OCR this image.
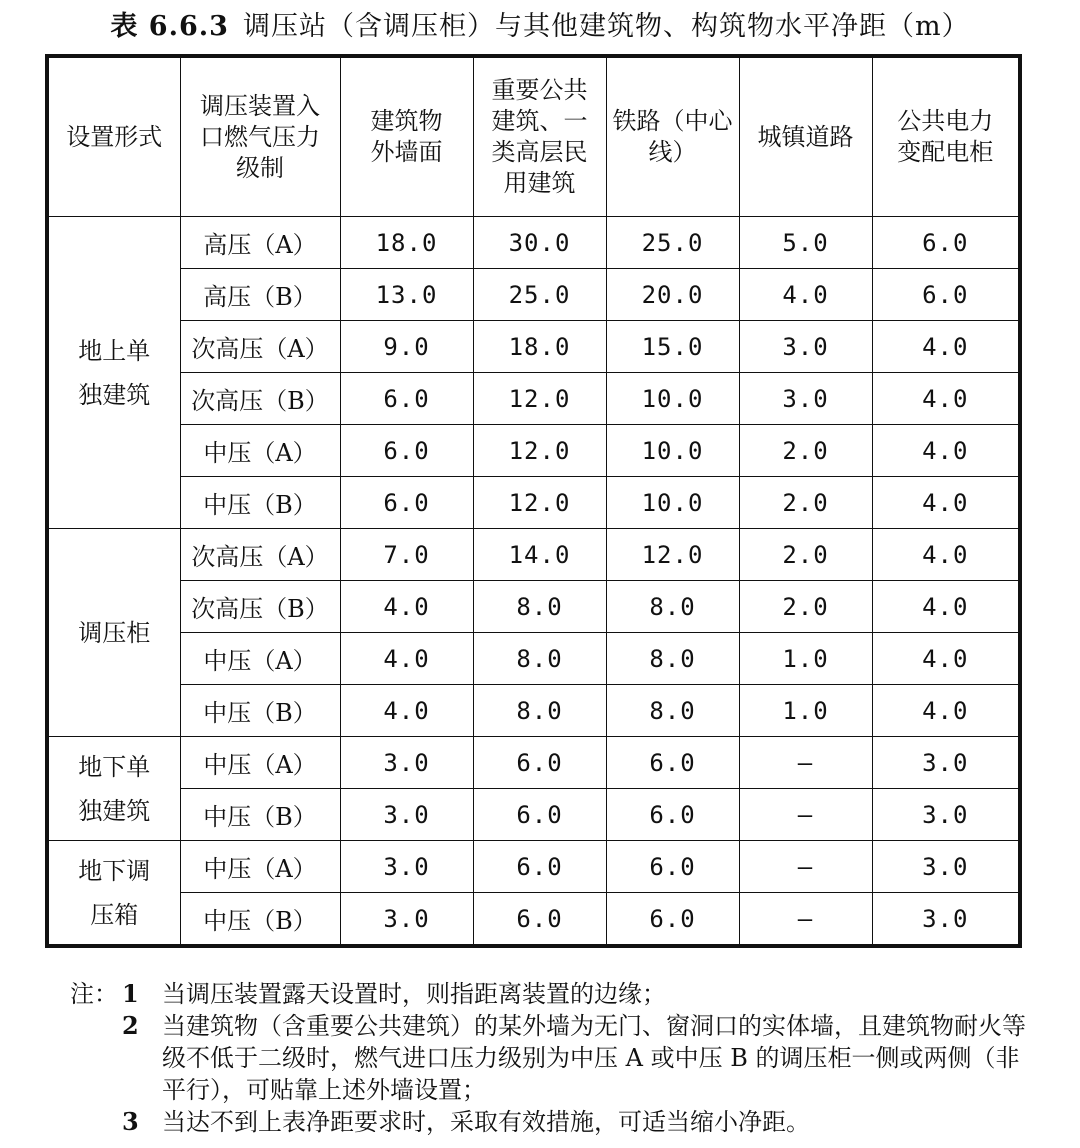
表 6.6.3 调压站（含调压柜）与其他建筑物、构筑物水平净距（m）
设置形式	调压装置入口燃气压力级制	建筑物外墙面	重要公共建筑、一类高层民用建筑	铁路（中心线）	城镇道路	公共电力变配电柜
地上单独建筑	高压（A）	18.0	30.0	25.0	5.0	6.0
	高压（B）	13.0	25.0	20.0	4.0	6.0
	次高压（A）	9.0	18.0	15.0	3.0	4.0
	次高压（B）	6.0	12.0	10.0	3.0	4.0
	中压（A）	6.0	12.0	10.0	2.0	4.0
	中压（B）	6.0	12.0	10.0	2.0	4.0
调压柜	次高压（A）	7.0	14.0	12.0	2.0	4.0
	次高压（B）	4.0	8.0	8.0	2.0	4.0
	中压（A）	4.0	8.0	8.0	1.0	4.0
	中压（B）	4.0	8.0	8.0	1.0	4.0
地下单独建筑	中压（A）	3.0	6.0	6.0	—	3.0
	中压（B）	3.0	6.0	6.0	—	3.0
地下调压箱	中压（A）	3.0	6.0	6.0	—	3.0
	中压（B）	3.0	6.0	6.0	—	3.0
注： 1 当调压装置露天设置时，则指距离装置的边缘；
2 当建筑物（含重要公共建筑）的某外墙为无门、窗洞口的实体墙，且建筑物耐火等级不低于二级时，燃气进口压力级别为中压 A 或中压 B 的调压柜一侧或两侧（非平行），可贴靠上述外墙设置；
3 当达不到上表净距要求时，采取有效措施，可适当缩小净距。
